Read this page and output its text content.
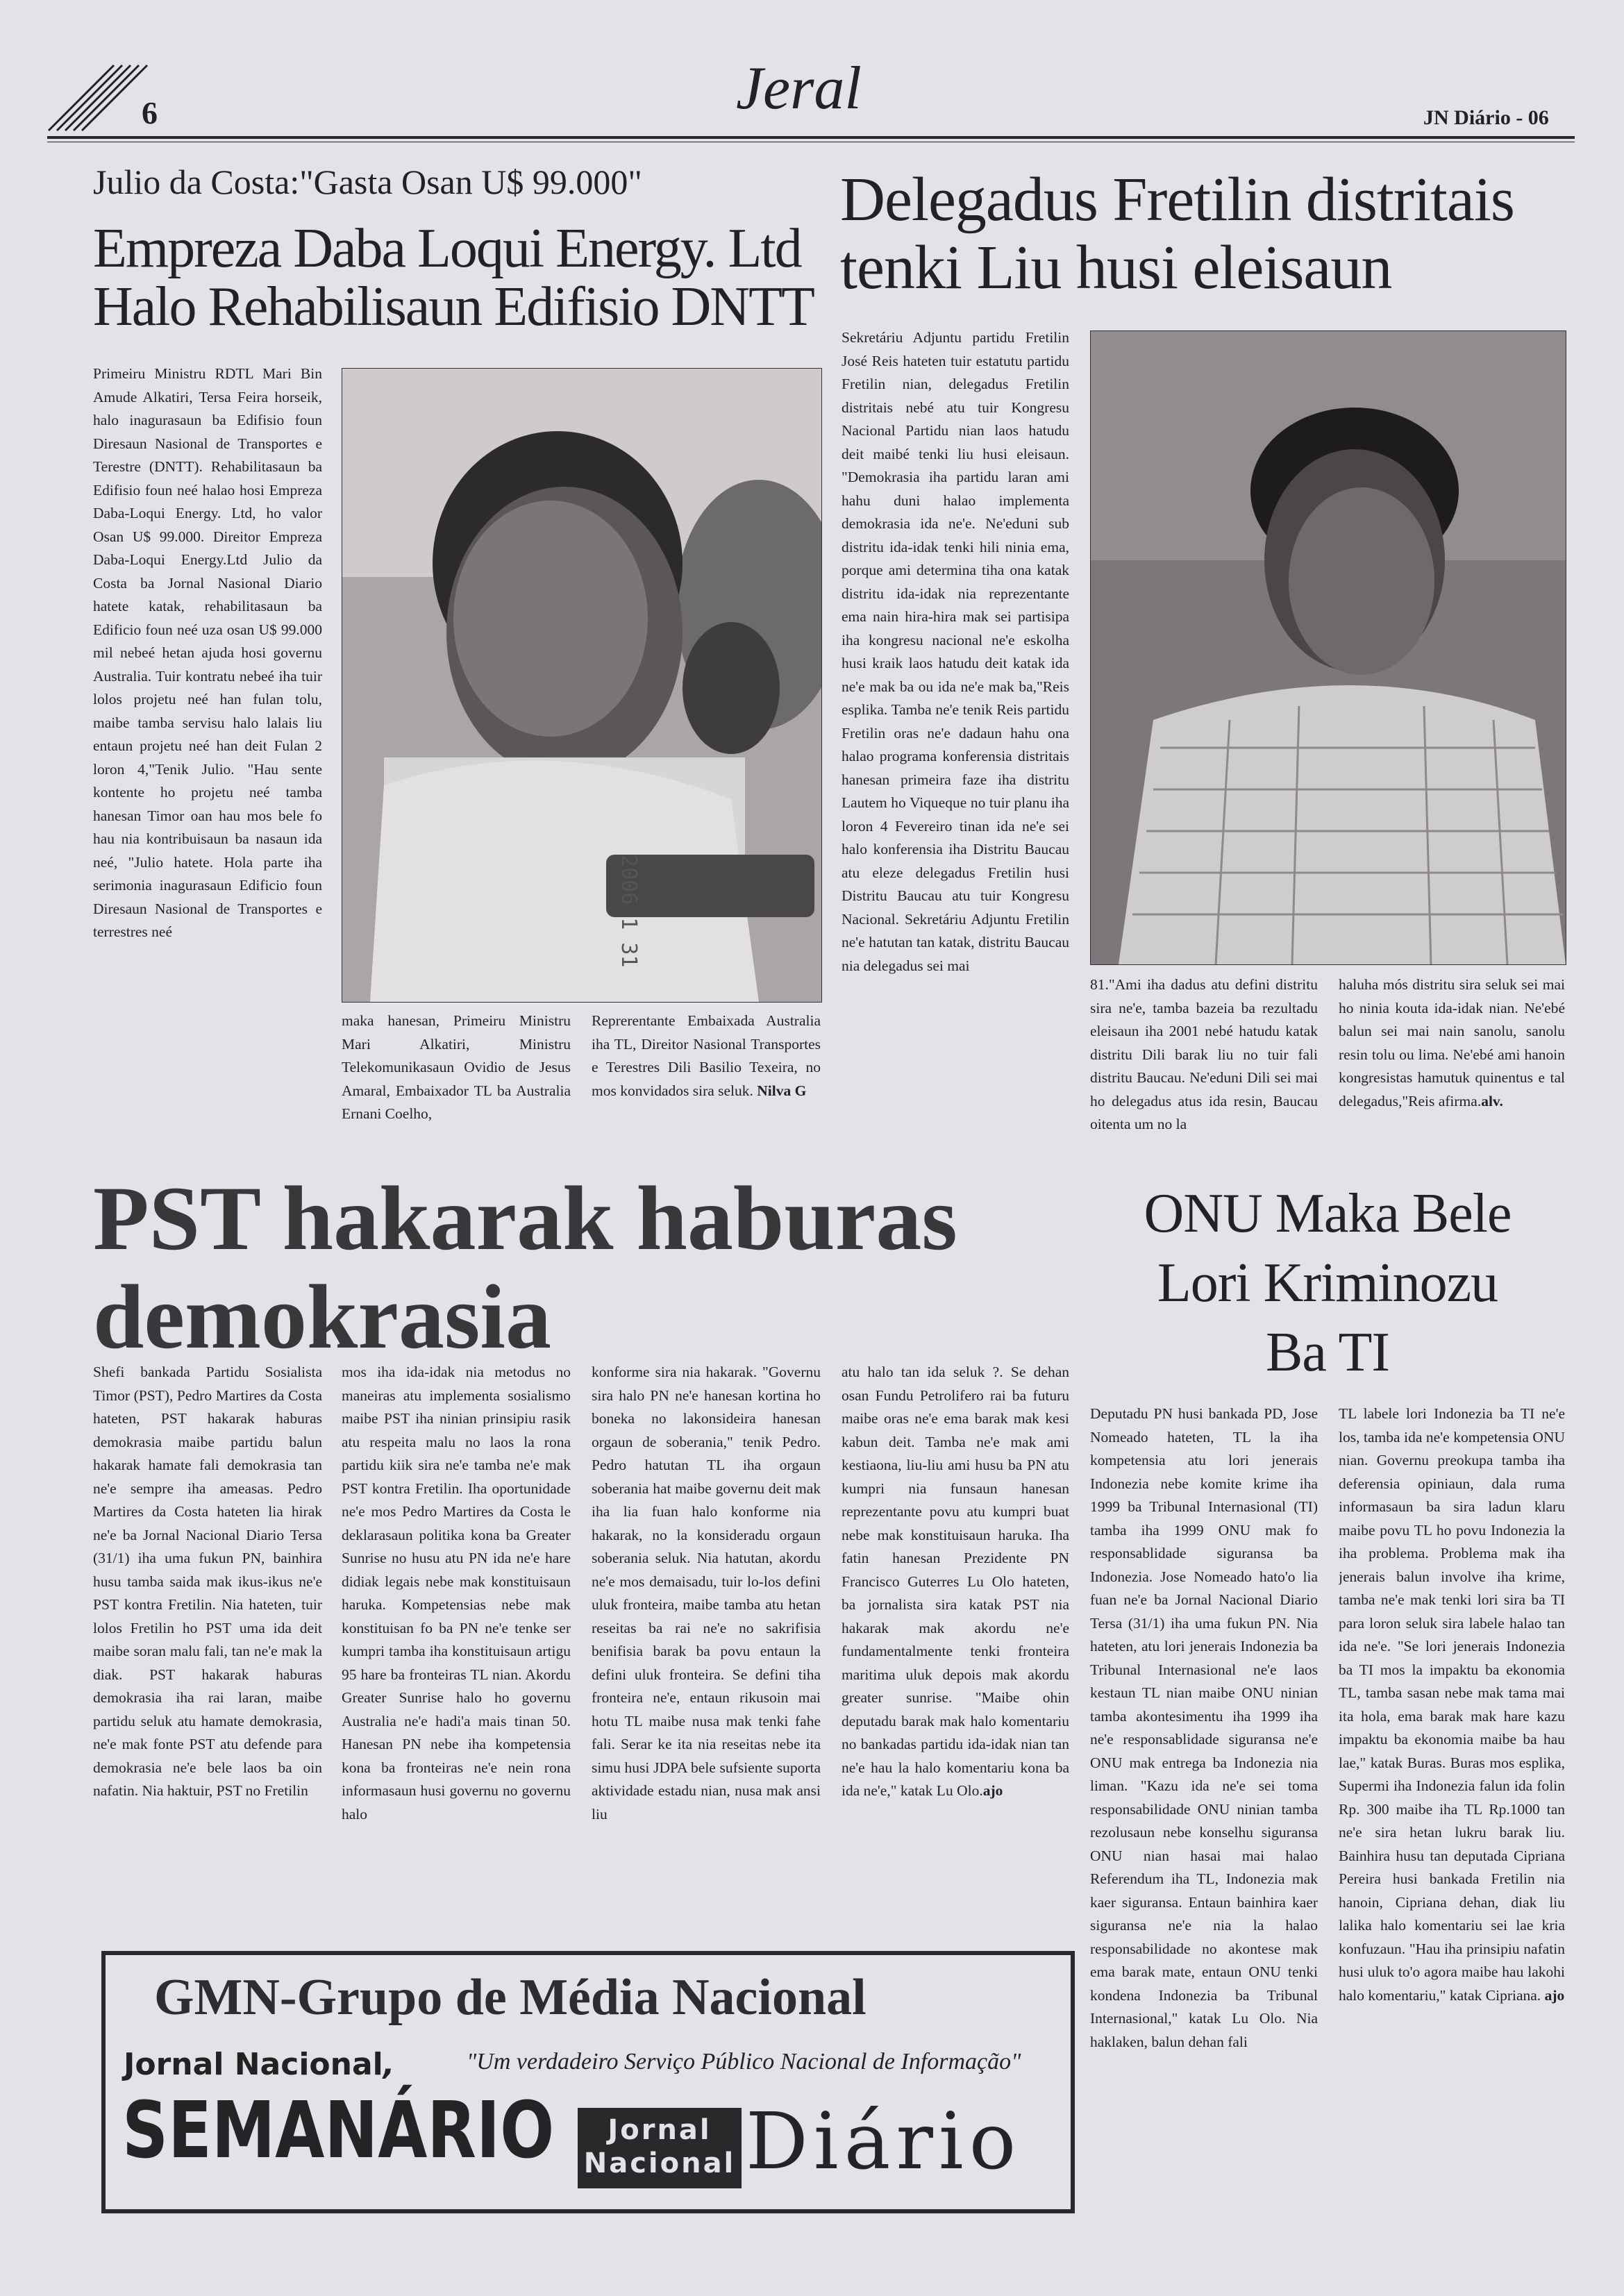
6	Jeral	JN Diário - 06
Julio da Costa:"Gasta Osan U$ 99.000"
Empreza Daba Loqui Energy. Ltd
Halo Rehabilisaun Edifisio DNTT

Primeiru Ministru RDTL Mari Bin Amude Alkatiri, Tersa Feira horseik, halo inagurasaun ba Edifisio foun Diresaun Nasional de Transportes e Terestre (DNTT). Rehabilitasaun ba Edifisio foun neé halao hosi Empreza Daba-Loqui Energy. Ltd, ho valor Osan U$ 99.000. Direitor Empreza Daba-Loqui Energy.Ltd Julio da Costa ba Jornal Nasional Diario hatete katak, rehabilitasaun ba Edificio foun neé uza osan U$ 99.000 mil nebeé hetan ajuda hosi governu Australia. Tuir kontratu nebeé iha tuir lolos projetu neé han fulan tolu, maibe tamba servisu halo lalais liu entaun projetu neé han deit Fulan 2 loron 4,"Tenik Julio. "Hau sente kontente ho projetu neé tamba hanesan Timor oan hau mos bele fo hau nia kontribuisaun ba nasaun ida neé, "Julio hatete. Hola parte iha serimonia inagurasaun Edificio foun Diresaun Nasional de Transportes e terrestres neé	2006 1 31

maka hanesan, Primeiru Ministru Mari Alkatiri, Ministru Telekomunikasaun Ovidio de Jesus Amaral, Embaixador TL ba Australia Ernani Coelho,

Reprerentante Embaixada Australia iha TL, Direitor Nasional Transportes e Terestres Dili Basilio Texeira, no mos konvidados sira seluk. Nilva G

Delegadus Fretilin distritais
tenki Liu husi eleisaun

Sekretáriu Adjuntu partidu Fretilin José Reis hateten tuir estatutu partidu Fretilin nian, delegadus Fretilin distritais nebé atu tuir Kongresu Nacional Partidu nian laos hatudu deit maibé tenki liu husi eleisaun. "Demokrasia iha partidu laran ami hahu duni halao implementa demokrasia ida ne'e. Ne'eduni sub distritu ida-idak tenki hili ninia ema, porque ami determina tiha ona katak distritu ida-idak nia reprezentante ema nain hira-hira mak sei partisipa iha kongresu nacional ne'e eskolha husi kraik laos hatudu deit katak ida ne'e mak ba ou ida ne'e mak ba,"Reis esplika. Tamba ne'e tenik Reis partidu Fretilin oras ne'e dadaun hahu ona halao programa konferensia distritais hanesan primeira faze iha distritu Lautem ho Viqueque no tuir planu iha loron 4 Fevereiro tinan ida ne'e sei halo konferensia iha Distritu Baucau atu eleze delegadus Fretilin husi Distritu Baucau atu tuir Kongresu Nacional. Sekretáriu Adjuntu Fretilin ne'e hatutan tan katak, distritu Baucau nia delegadus sei mai

81."Ami iha dadus atu defini distritu sira ne'e, tamba bazeia ba rezultadu eleisaun iha 2001 nebé hatudu katak distritu Dili barak liu no tuir fali distritu Baucau. Ne'eduni Dili sei mai ho delegadus atus ida resin, Baucau oitenta um no la

haluha mós distritu sira seluk sei mai ho ninia kouta ida-idak nian. Ne'ebé balun sei mai nain sanolu, sanolu resin tolu ou lima. Ne'ebé ami hanoin kongresistas hamutuk quinentus e tal delegadus,"Reis afirma.alv.

PST hakarak haburas
demokrasia

Shefi bankada Partidu Sosialista Timor (PST), Pedro Martires da Costa hateten, PST hakarak haburas demokrasia maibe partidu balun hakarak hamate fali demokrasia tan ne'e sempre iha ameasas. Pedro Martires da Costa hateten lia hirak ne'e ba Jornal Nacional Diario Tersa (31/1) iha uma fukun PN, bainhira husu tamba saida mak ikus-ikus ne'e PST kontra Fretilin. Nia hateten, tuir lolos Fretilin ho PST uma ida deit maibe soran malu fali, tan ne'e mak la diak. PST hakarak haburas demokrasia iha rai laran, maibe partidu seluk atu hamate demokrasia, ne'e mak fonte PST atu defende para demokrasia ne'e bele laos ba oin nafatin. Nia haktuir, PST no Fretilin

mos iha ida-idak nia metodus no maneiras atu implementa sosialismo maibe PST iha ninian prinsipiu rasik atu respeita malu no laos la rona partidu kiik sira ne'e tamba ne'e mak PST kontra Fretilin. Iha oportunidade ne'e mos Pedro Martires da Costa le deklarasaun politika kona ba Greater Sunrise no husu atu PN ida ne'e hare didiak legais nebe mak konstituisaun haruka. Kompetensias nebe mak konstituisan fo ba PN ne'e tenke ser kumpri tamba iha konstituisaun artigu 95 hare ba fronteiras TL nian. Akordu Greater Sunrise halo ho governu Australia ne'e hadi'a mais tinan 50. Hanesan PN nebe iha kompetensia kona ba fronteiras ne'e nein rona informasaun husi governu no governu halo

konforme sira nia hakarak. "Governu sira halo PN ne'e hanesan kortina ho boneka no lakonsideira hanesan orgaun de soberania," tenik Pedro. Pedro hatutan TL iha orgaun soberania hat maibe governu deit mak iha lia fuan halo konforme nia hakarak, no la konsideradu orgaun soberania seluk. Nia hatutan, akordu ne'e mos demaisadu, tuir lo-los defini uluk fronteira, maibe tamba atu hetan reseitas ba rai ne'e no sakrifisia benifisia barak ba povu entaun la defini uluk fronteira. Se defini tiha fronteira ne'e, entaun rikusoin mai hotu TL maibe nusa mak tenki fahe fali. Serar ke ita nia reseitas nebe ita simu husi JDPA bele sufsiente suporta aktividade estadu nian, nusa mak ansi liu

atu halo tan ida seluk ?. Se dehan osan Fundu Petrolifero rai ba futuru maibe oras ne'e ema barak mak kesi kabun deit. Tamba ne'e mak ami kestiaona, liu-liu ami husu ba PN atu kumpri nia funsaun hanesan reprezentante povu atu kumpri buat nebe mak konstituisaun haruka. Iha fatin hanesan Prezidente PN Francisco Guterres Lu Olo hateten, ba jornalista sira katak PST nia hakarak mak akordu ne'e fundamentalmente tenki fronteira maritima uluk depois mak akordu greater sunrise. "Maibe ohin deputadu barak mak halo komentariu no bankadas partidu ida-idak nian tan ne'e hau la halo komentariu kona ba ida ne'e," katak Lu Olo.ajo

ONU Maka Bele
Lori Kriminozu
Ba TI

Deputadu PN husi bankada PD, Jose Nomeado hateten, TL la iha kompetensia atu lori jenerais Indonezia nebe komite krime iha 1999 ba Tribunal Internasional (TI) tamba iha 1999 ONU mak fo responsablidade siguransa ba Indonezia. Jose Nomeado hato'o lia fuan ne'e ba Jornal Nacional Diario Tersa (31/1) iha uma fukun PN. Nia hateten, atu lori jenerais Indonezia ba Tribunal Internasional ne'e laos kestaun TL nian maibe ONU ninian tamba akontesimentu iha 1999 iha ne'e responsablidade siguransa ne'e ONU mak entrega ba Indonezia nia liman. "Kazu ida ne'e sei toma responsabilidade ONU ninian tamba rezolusaun nebe konselhu siguransa ONU nian hasai mai halao Referendum iha TL, Indonezia mak kaer siguransa. Entaun bainhira kaer siguransa ne'e nia la halao responsabilidade no akontese mak ema barak mate, entaun ONU tenki kondena Indonezia ba Tribunal Internasional," katak Lu Olo. Nia haklaken, balun dehan fali

TL labele lori Indonezia ba TI ne'e los, tamba ida ne'e kompetensia ONU nian. Governu preokupa tamba iha deferensia opiniaun, dala ruma informasaun ba sira ladun klaru maibe povu TL ho povu Indonezia la iha problema. Problema mak iha jenerais balun involve iha krime, tamba ne'e mak tenki lori sira ba TI para loron seluk sira labele halao tan ida ne'e. "Se lori jenerais Indonezia ba TI mos la impaktu ba ekonomia TL, tamba sasan nebe mak tama mai ita hola, ema barak mak hare kazu impaktu ba ekonomia maibe ba hau lae," katak Buras. Buras mos esplika, Supermi iha Indonezia falun ida folin Rp. 300 maibe iha TL Rp.1000 tan ne'e sira hetan lukru barak liu. Bainhira husu tan deputada Cipriana Pereira husi bankada Fretilin nia hanoin, Cipriana dehan, diak liu lalika halo komentariu sei lae kria konfuzaun. "Hau iha prinsipiu nafatin husi uluk to'o agora maibe hau lakohi halo komentariu," katak Cipriana. ajo

GMN-Grupo de Média Nacional
Jornal Nacional,	"Um verdadeiro Serviço Público Nacional de Informação"
SEMANÁRIO	Jornal
Nacional Diário
